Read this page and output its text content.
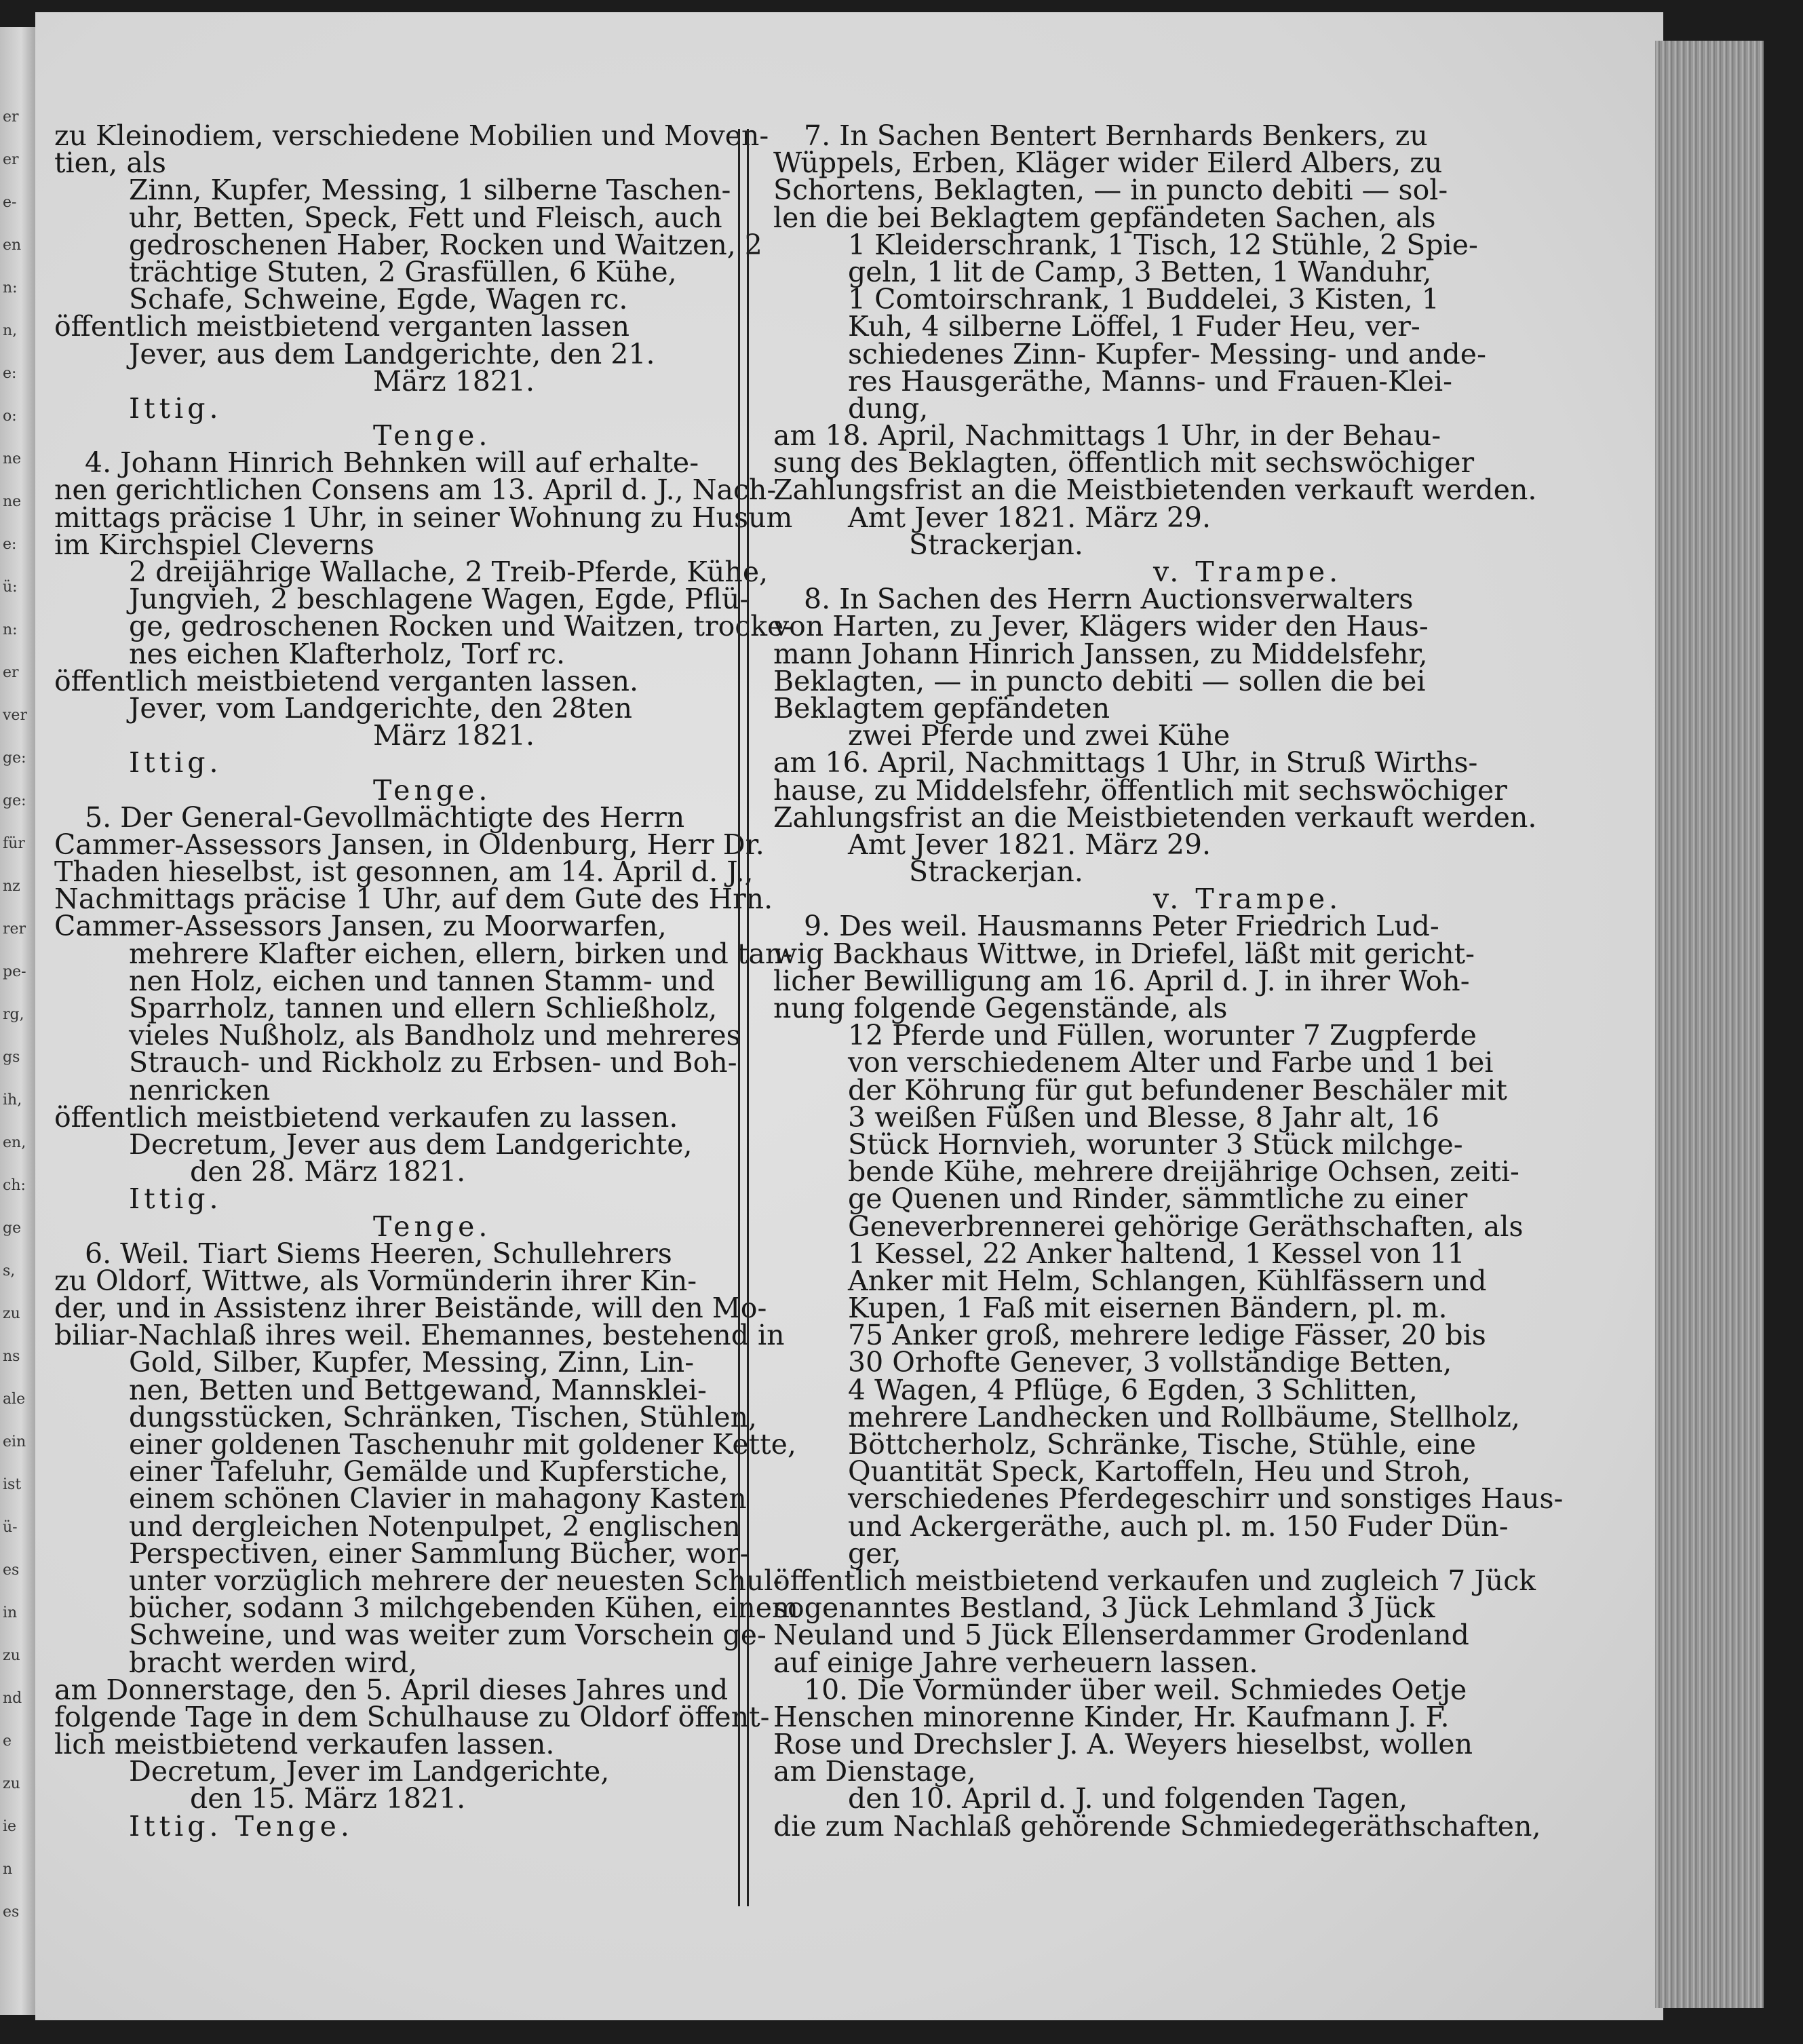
er
er
e-
en
n:
n,
e:
o:
ne
ne
e:
ü:
n:
er
ver
ge:
ge:
für
nz
rer
pe-
rg,
gs
ih,
en,
ch:
ge
s,
zu
ns
ale
ein
ist
ü-
es
in
zu
nd
e
zu
ie
n
es
zu Kleinodiem, verschiedene Mobilien und Moven-
tien, als
Zinn, Kupfer, Messing, 1 silberne Taschen-
uhr, Betten, Speck, Fett und Fleisch, auch
gedroschenen Haber, Rocken und Waitzen, 2
trächtige Stuten, 2 Grasfüllen, 6 Kühe,
Schafe, Schweine, Egde, Wagen rc.
öffentlich meistbietend verganten lassen
Jever, aus dem Landgerichte, den 21.
März 1821.
Ittig.
Tenge.
4. Johann Hinrich Behnken will auf erhalte-
nen gerichtlichen Consens am 13. April d. J., Nach-
mittags präcise 1 Uhr, in seiner Wohnung zu Husum
im Kirchspiel Cleverns
2 dreijährige Wallache, 2 Treib-Pferde, Kühe,
Jungvieh, 2 beschlagene Wagen, Egde, Pflü-
ge, gedroschenen Rocken und Waitzen, trocke-
nes eichen Klafterholz, Torf rc.
öffentlich meistbietend verganten lassen.
Jever, vom Landgerichte, den 28ten
März 1821.
Ittig.
Tenge.
5. Der General-Gevollmächtigte des Herrn
Cammer-Assessors Jansen, in Oldenburg, Herr Dr.
Thaden hieselbst, ist gesonnen, am 14. April d. J.,
Nachmittags präcise 1 Uhr, auf dem Gute des Hrn.
Cammer-Assessors Jansen, zu Moorwarfen,
mehrere Klafter eichen, ellern, birken und tan-
nen Holz, eichen und tannen Stamm- und
Sparrholz, tannen und ellern Schließholz,
vieles Nußholz, als Bandholz und mehreres
Strauch- und Rickholz zu Erbsen- und Boh-
nenricken
öffentlich meistbietend verkaufen zu lassen.
Decretum, Jever aus dem Landgerichte,
den 28. März 1821.
Ittig.
Tenge.
6. Weil. Tiart Siems Heeren, Schullehrers
zu Oldorf, Wittwe, als Vormünderin ihrer Kin-
der, und in Assistenz ihrer Beistände, will den Mo-
biliar-Nachlaß ihres weil. Ehemannes, bestehend in
Gold, Silber, Kupfer, Messing, Zinn, Lin-
nen, Betten und Bettgewand, Mannsklei-
dungsstücken, Schränken, Tischen, Stühlen,
einer goldenen Taschenuhr mit goldener Kette,
einer Tafeluhr, Gemälde und Kupferstiche,
einem schönen Clavier in mahagony Kasten
und dergleichen Notenpulpet, 2 englischen
Perspectiven, einer Sammlung Bücher, wor-
unter vorzüglich mehrere der neuesten Schul-
bücher, sodann 3 milchgebenden Kühen, einem
Schweine, und was weiter zum Vorschein ge-
bracht werden wird,
am Donnerstage, den 5. April dieses Jahres und
folgende Tage in dem Schulhause zu Oldorf öffent-
lich meistbietend verkaufen lassen.
Decretum, Jever im Landgerichte,
den 15. März 1821.
Ittig. Tenge.
7. In Sachen Bentert Bernhards Benkers, zu
Wüppels, Erben, Kläger wider Eilerd Albers, zu
Schortens, Beklagten, — in puncto debiti — sol-
len die bei Beklagtem gepfändeten Sachen, als
1 Kleiderschrank, 1 Tisch, 12 Stühle, 2 Spie-
geln, 1 lit de Camp, 3 Betten, 1 Wanduhr,
1 Comtoirschrank, 1 Buddelei, 3 Kisten, 1
Kuh, 4 silberne Löffel, 1 Fuder Heu, ver-
schiedenes Zinn- Kupfer- Messing- und ande-
res Hausgeräthe, Manns- und Frauen-Klei-
dung,
am 18. April, Nachmittags 1 Uhr, in der Behau-
sung des Beklagten, öffentlich mit sechswöchiger
Zahlungsfrist an die Meistbietenden verkauft werden.
Amt Jever 1821. März 29.
Strackerjan.
v. Trampe.
8. In Sachen des Herrn Auctionsverwalters
von Harten, zu Jever, Klägers wider den Haus-
mann Johann Hinrich Janssen, zu Middelsfehr,
Beklagten, — in puncto debiti — sollen die bei
Beklagtem gepfändeten
zwei Pferde und zwei Kühe
am 16. April, Nachmittags 1 Uhr, in Struß Wirths-
hause, zu Middelsfehr, öffentlich mit sechswöchiger
Zahlungsfrist an die Meistbietenden verkauft werden.
Amt Jever 1821. März 29.
Strackerjan.
v. Trampe.
9. Des weil. Hausmanns Peter Friedrich Lud-
wig Backhaus Wittwe, in Driefel, läßt mit gericht-
licher Bewilligung am 16. April d. J. in ihrer Woh-
nung folgende Gegenstände, als
12 Pferde und Füllen, worunter 7 Zugpferde
von verschiedenem Alter und Farbe und 1 bei
der Köhrung für gut befundener Beschäler mit
3 weißen Füßen und Blesse, 8 Jahr alt, 16
Stück Hornvieh, worunter 3 Stück milchge-
bende Kühe, mehrere dreijährige Ochsen, zeiti-
ge Quenen und Rinder, sämmtliche zu einer
Geneverbrennerei gehörige Geräthschaften, als
1 Kessel, 22 Anker haltend, 1 Kessel von 11
Anker mit Helm, Schlangen, Kühlfässern und
Kupen, 1 Faß mit eisernen Bändern, pl. m.
75 Anker groß, mehrere ledige Fässer, 20 bis
30 Orhofte Genever, 3 vollständige Betten,
4 Wagen, 4 Pflüge, 6 Egden, 3 Schlitten,
mehrere Landhecken und Rollbäume, Stellholz,
Böttcherholz, Schränke, Tische, Stühle, eine
Quantität Speck, Kartoffeln, Heu und Stroh,
verschiedenes Pferdegeschirr und sonstiges Haus-
und Ackergeräthe, auch pl. m. 150 Fuder Dün-
ger,
öffentlich meistbietend verkaufen und zugleich 7 Jück
sogenanntes Bestland, 3 Jück Lehmland 3 Jück
Neuland und 5 Jück Ellenserdammer Grodenland
auf einige Jahre verheuern lassen.
10. Die Vormünder über weil. Schmiedes Oetje
Henschen minorenne Kinder, Hr. Kaufmann J. F.
Rose und Drechsler J. A. Weyers hieselbst, wollen
am Dienstage,
den 10. April d. J. und folgenden Tagen,
die zum Nachlaß gehörende Schmiedegeräthschaften,
